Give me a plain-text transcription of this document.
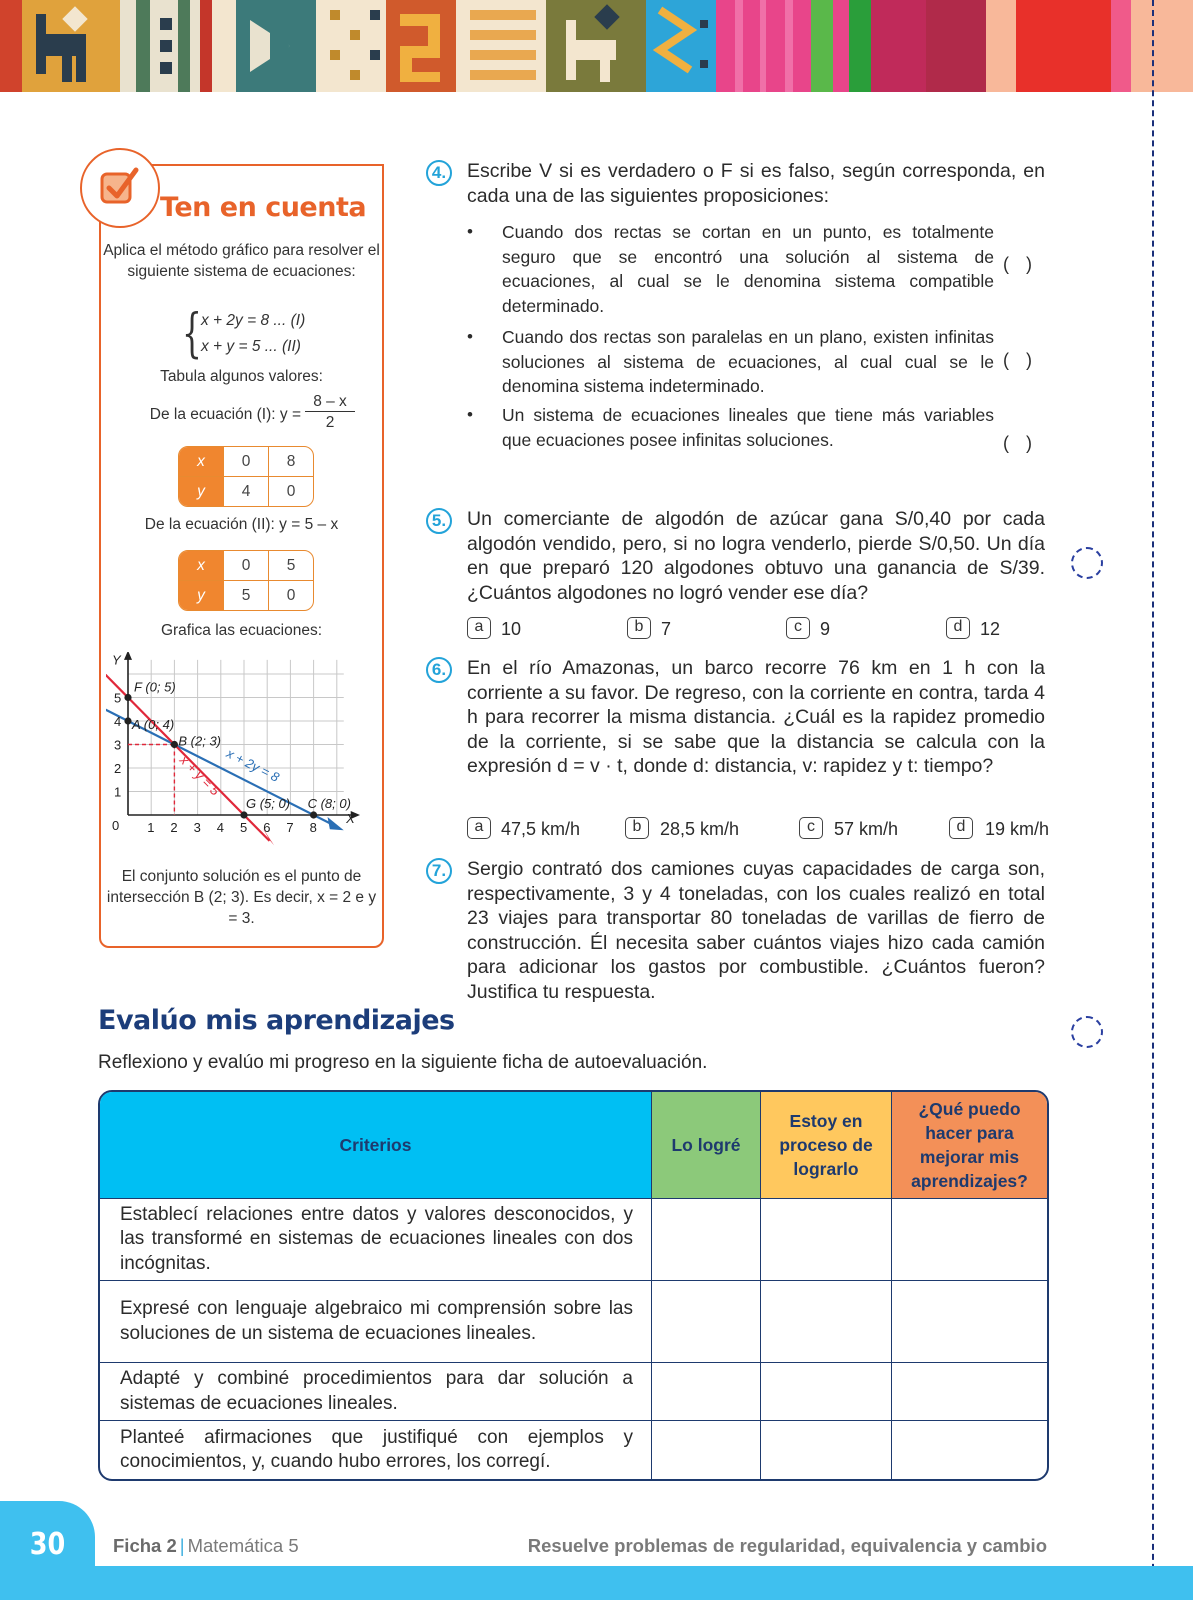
Ten en cuenta
Aplica el método gráfico para resolver el siguiente sistema de ecuaciones:
{ x + 2y = 8 ... (I)
x + y = 5 ... (II)
Tabula algunos valores:
De la ecuación (I): y =
8 – x
2
x	0	8
y	4	0
De la ecuación (II): y = 5 – x
x	0	5
y	5	0
Grafica las ecuaciones:
Y
X
0 1 2 3 4 5 6 7 8
1
2
3
4
5
F (0; 5)
A (0; 4)
B (2; 3)
G (5; 0) C (8; 0)
x + 2y = 8
x + y = 5
El conjunto solución es el punto de intersección B (2; 3). Es decir, x = 2 e y = 3.
4.	Escribe V si es verdadero o F si es falso, según corresponda, en cada una de las siguientes proposiciones:
• Cuando dos rectas se cortan en un punto, es totalmente seguro que se encontró una solución al sistema de ecuaciones, al cual se le denomina sistema compatible determinado.
( )
• Cuando dos rectas son paralelas en un plano, existen infinitas soluciones al sistema de ecuaciones, al cual cual se le denomina sistema indeterminado.
( )
• Un sistema de ecuaciones lineales que tiene más variables que ecuaciones posee infinitas soluciones.	( )
5.	Un comerciante de algodón de azúcar gana S/0,40 por cada algodón vendido, pero, si no logra venderlo, pierde S/0,50. Un día en que preparó 120 algodones obtuvo una ganancia de S/39. ¿Cuántos algodones no logró vender ese día?
a 10	b 7	c	9	d 12
6.	En el río Amazonas, un barco recorre 76 km en 1 h con la corriente a su favor. De regreso, con la corriente en contra, tarda 4 h para recorrer la misma distancia. ¿Cuál es la rapidez promedio de la corriente, si se sabe que la distancia se calcula con la expresión d = v · t, donde d: distancia, v: rapidez y t: tiempo?
a 47,5 km/h	b	28,5 km/h	c	57 km/h	d	19 km/h
7.	Sergio contrató dos camiones cuyas capacidades de carga son, respectivamente, 3 y 4 toneladas, con los cuales realizó en total 23 viajes para transportar 80 toneladas de varillas de fierro de construcción. Él necesita saber cuántos viajes hizo cada camión para adicionar los gastos por combustible. ¿Cuántos fueron? Justifica tu respuesta.
Evalúo mis aprendizajes
Reflexiono y evalúo mi progreso en la siguiente ficha de autoevaluación.
Criterios	Lo logré	Estoy en proceso de lograrlo	¿Qué puedo hacer para mejorar mis aprendizajes?
Establecí relaciones entre datos y valores desconocidos, y las transformé en sistemas de ecuaciones lineales con dos incógnitas.			
Expresé con lenguaje algebraico mi comprensión sobre las soluciones de un sistema de ecuaciones lineales.			
Adapté y combiné procedimientos para dar solución a sistemas de ecuaciones lineales.			
Planteé afirmaciones que justifiqué con ejemplos y conocimientos, y, cuando hubo errores, los corregí.			
30	Ficha 2 | Matemática 5	Resuelve problemas de regularidad, equivalencia y cambio
